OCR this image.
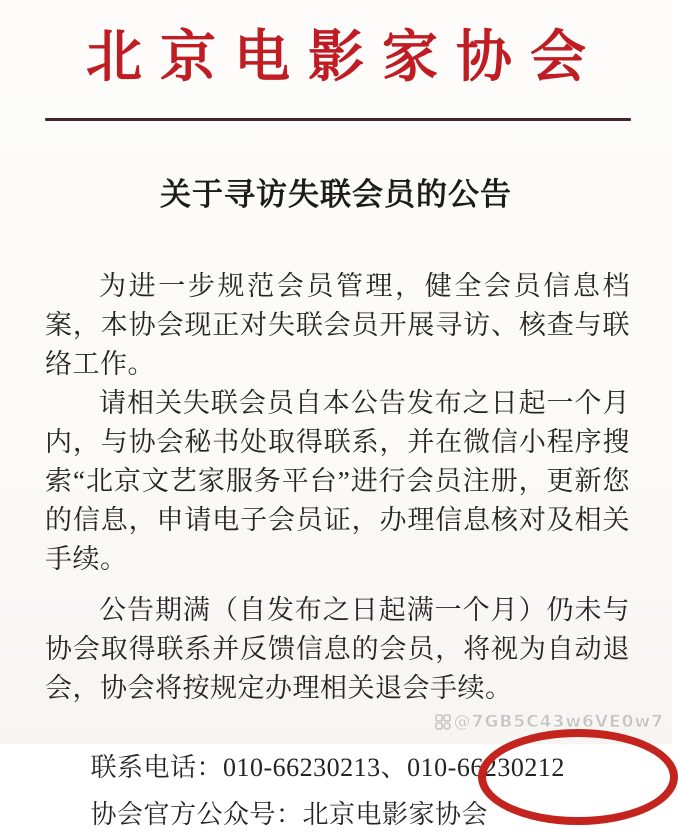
北京电影家协会
关于寻访失联会员的公告

为进一步规范会员管理，健全会员信息档案，本协会现正对失联会员开展寻访、核查与联络工作。

请相关失联会员自本公告发布之日起一个月内，与协会秘书处取得联系，并在微信小程序搜索“北京文艺家服务平台”进行会员注册，更新您的信息，申请电子会员证，办理信息核对及相关手续。

公告期满（自发布之日起满一个月）仍未与协会取得联系并反馈信息的会员，将视为自动退会，协会将按规定办理相关退会手续。

联系电话：010-66230213、010-66230212

协会官方公众号：北京电影家协会

@7GB5C43w6VE0w7
